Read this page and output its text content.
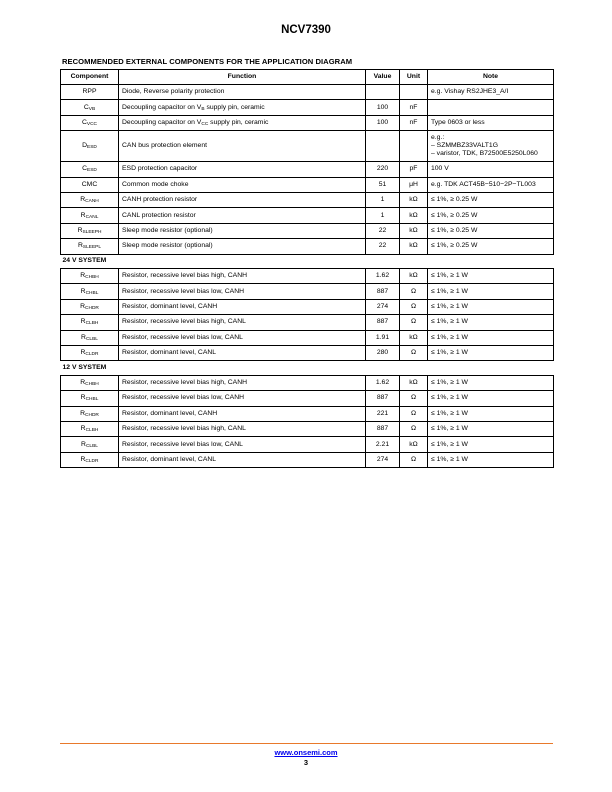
NCV7390
RECOMMENDED EXTERNAL COMPONENTS FOR THE APPLICATION DIAGRAM
Component	Function	Value	Unit	Note
RPP	Diode, Reverse polarity protection			e.g. Vishay RS2JHE3_A/I

$C_{VB}$	Decoupling capacitor on $V_B$ supply pin, ceramic	100	nF	

$C_{VCC}$	Decoupling capacitor on $V_{CC}$ supply pin, ceramic	100	nF	Type 0603 or less

$D_{ESD}$	CAN bus protection element			e.g.:
– SZMMBZ33VALT1G
– varistor, TDK, B72500E5250L060

$C_{ESD}$	ESD protection capacitor	220	pF	100 V

CMC	Common mode choke	51	μH	e.g. TDK ACT45B−510−2P−TL003

$R_{CANH}$	CANH protection resistor	1	kΩ	≤ 1%, ≥ 0.25 W

$R_{CANL}$	CANL protection resistor	1	kΩ	≤ 1%, ≥ 0.25 W

$R_{SLEEPH}$	Sleep mode resistor (optional)	22	kΩ	≤ 1%, ≥ 0.25 W

$R_{SLEEPL}$	Sleep mode resistor (optional)	22	kΩ	≤ 1%, ≥ 0.25 W

24 V SYSTEM				
$R_{CHBH}$	Resistor, recessive level bias high, CANH	1.62	kΩ	≤ 1%, ≥ 1 W

$R_{CHBL}$	Resistor, recessive level bias low, CANH	887	Ω	≤ 1%, ≥ 1 W

$R_{CHDR}$	Resistor, dominant level, CANH	274	Ω	≤ 1%, ≥ 1 W

$R_{CLBH}$	Resistor, recessive level bias high, CANL	887	Ω	≤ 1%, ≥ 1 W

$R_{CLBL}$	Resistor, recessive level bias low, CANL	1.91	kΩ	≤ 1%, ≥ 1 W

$R_{CLDR}$	Resistor, dominant level, CANL	280	Ω	≤ 1%, ≥ 1 W

12 V SYSTEM				
$R_{CHBH}$	Resistor, recessive level bias high, CANH	1.62	kΩ	≤ 1%, ≥ 1 W

$R_{CHBL}$	Resistor, recessive level bias low, CANH	887	Ω	≤ 1%, ≥ 1 W

$R_{CHDR}$	Resistor, dominant level, CANH	221	Ω	≤ 1%, ≥ 1 W

$R_{CLBH}$	Resistor, recessive level bias high, CANL	887	Ω	≤ 1%, ≥ 1 W

$R_{CLBL}$	Resistor, recessive level bias low, CANL	2.21	kΩ	≤ 1%, ≥ 1 W

$R_{CLDR}$	Resistor, dominant level, CANL	274	Ω	≤ 1%, ≥ 1 W
www.onsemi.com
3
